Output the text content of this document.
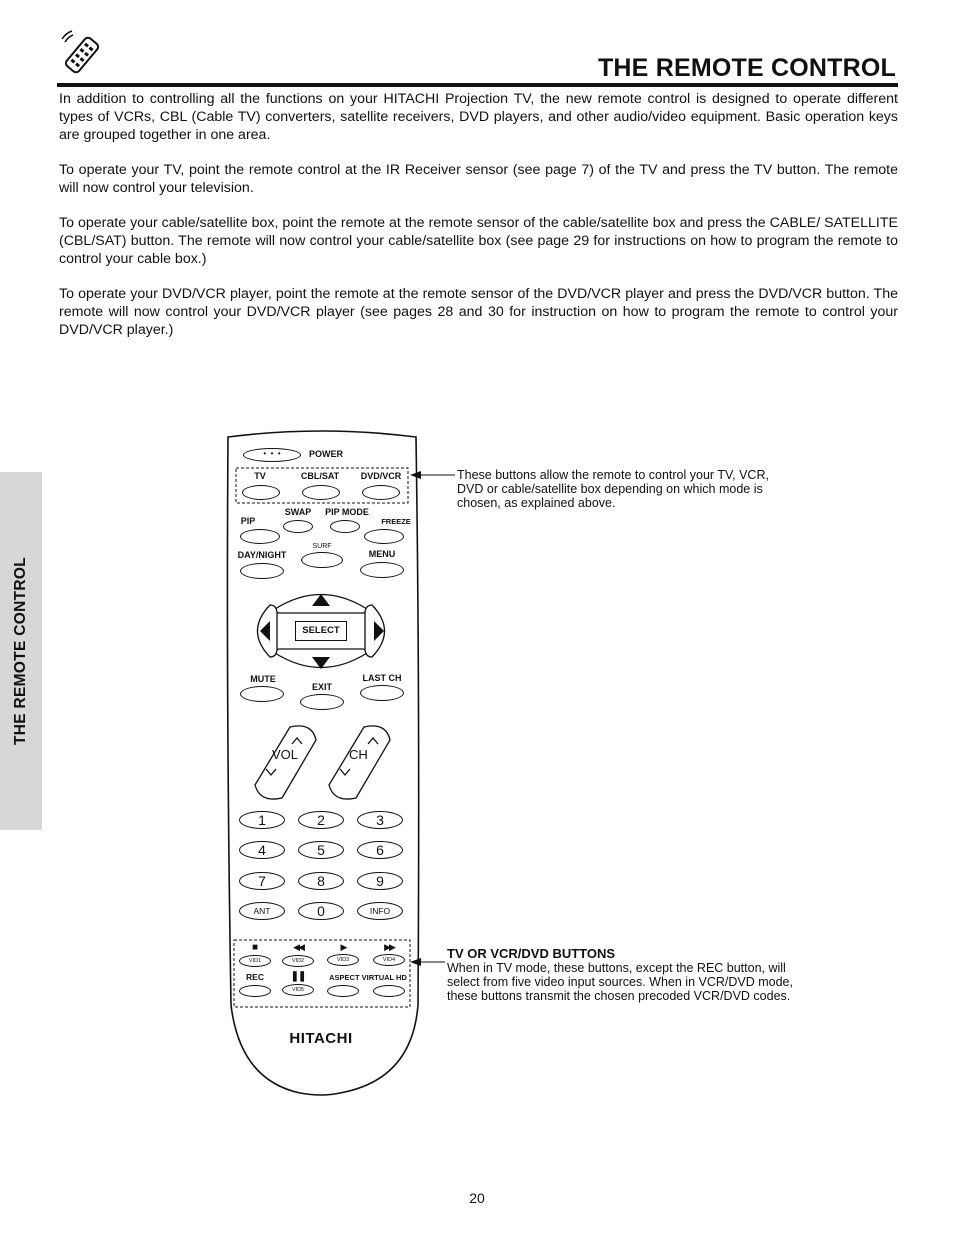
THE REMOTE CONTROL

In addition to controlling all the functions on your HITACHI Projection TV, the new remote control is designed to operate different types of VCRs, CBL (Cable TV) converters, satellite receivers, DVD players, and other audio/video equipment. Basic operation keys are grouped together in one area.

To operate your TV, point the remote control at the IR Receiver sensor (see page 7) of the TV and press the TV button. The remote will now control your television.

To operate your cable/satellite box, point the remote at the remote sensor of the cable/satellite box and press the CABLE/ SATELLITE (CBL/SAT) button. The remote will now control your cable/satellite box (see page 29 for instructions on how to program the remote to control your cable box.)

To operate your DVD/VCR player, point the remote at the remote sensor of the DVD/VCR player and press the DVD/VCR button. The remote will now control your DVD/VCR player (see pages 28 and 30 for instruction on how to program the remote to control your DVD/VCR player.)

THE REMOTE CONTROL
•  •  •	POWER
TV	CBL/SAT DVD/VCR
SWAP PIP MODE
PIP	FREEZE
DAY/NIGHT
SURF
MENU
SELECT
MUTE
EXIT
LAST CH
VOL	CH
1	2	3
4	5	6
7	8	9
ANT	0	INFO
■	◀◀	▶	▶▶
VID1	VID2	VID3	VID4
REC	❚❚	ASPECT VIRTUAL HD
VID5
HITACHI
These buttons allow the remote to control your TV, VCR, DVD or cable/satellite box depending on which mode is chosen, as explained above.
TV OR VCR/DVD BUTTONS
When in TV mode, these buttons, except the REC button, will select from five video input sources. When in VCR/DVD mode, these buttons transmit the chosen precoded VCR/DVD codes.
20
